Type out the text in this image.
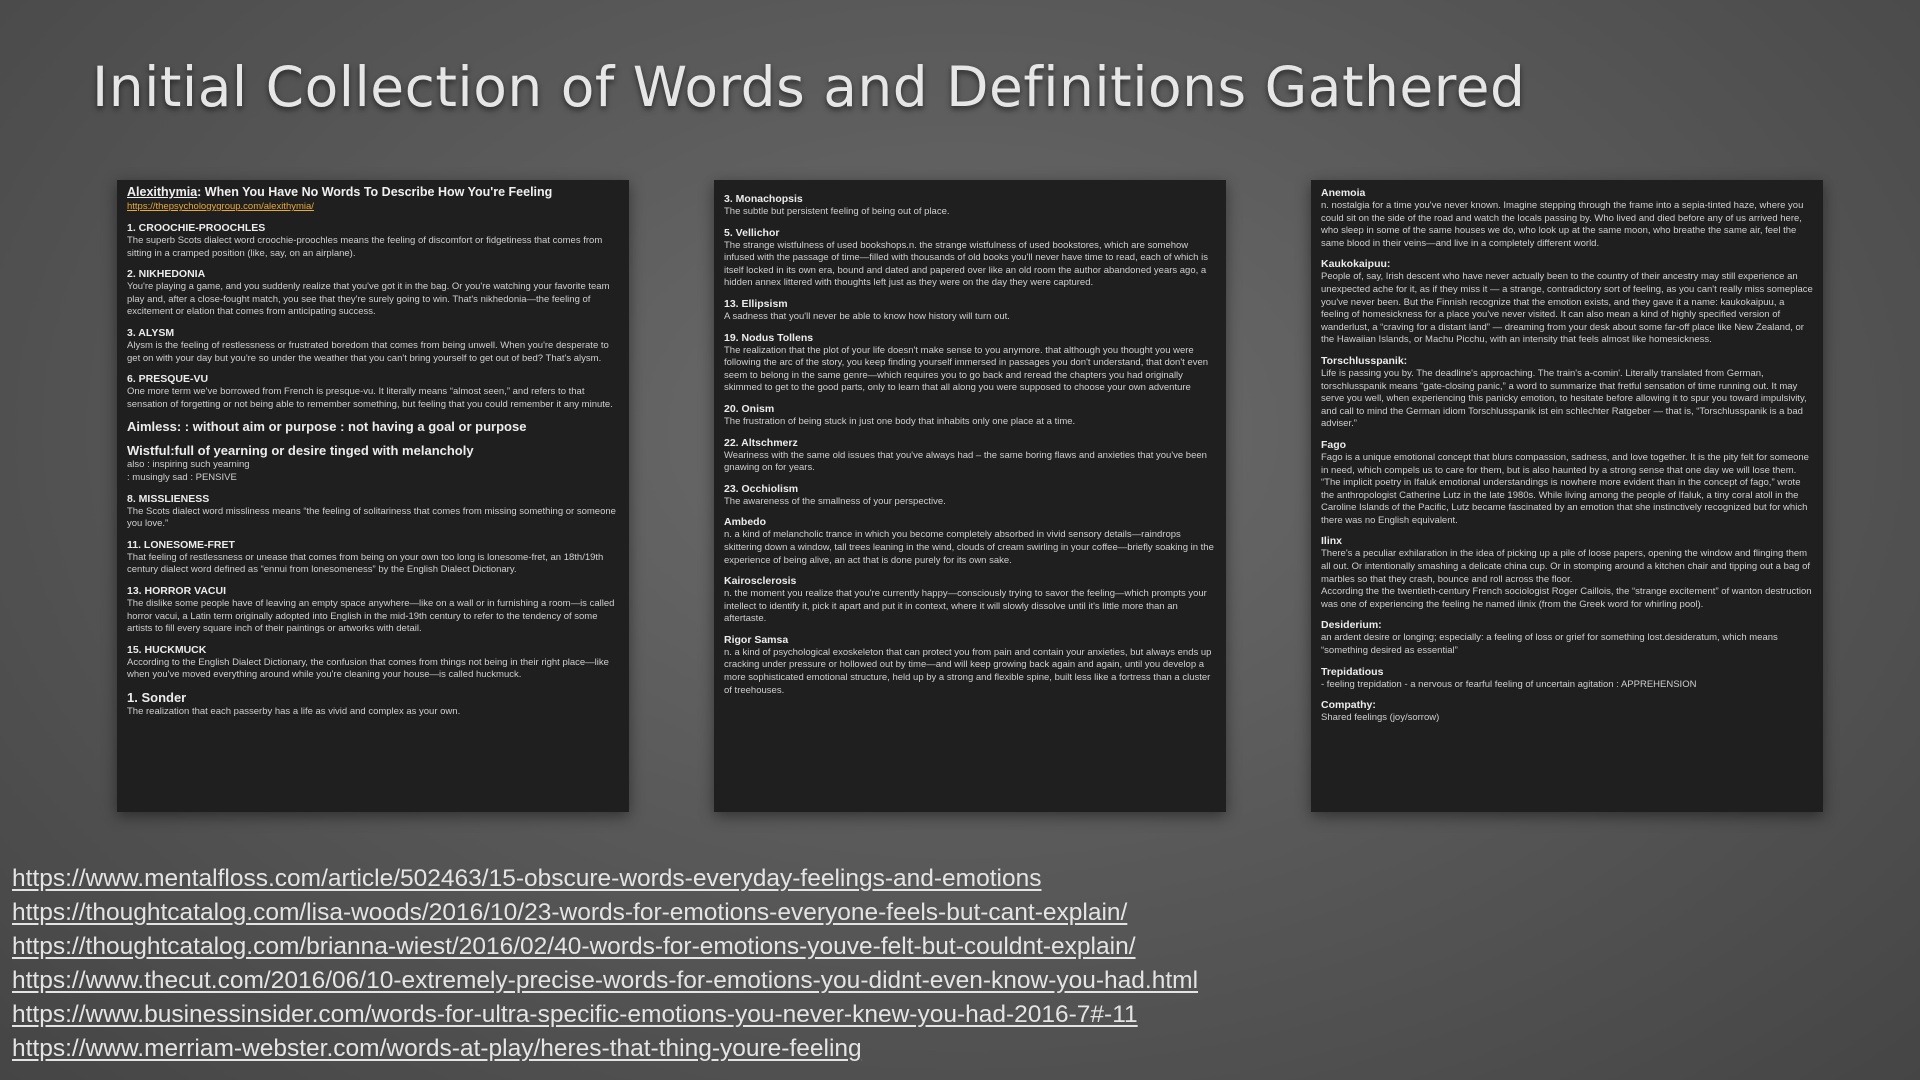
Initial Collection of Words and Definitions Gathered
Alexithymia: When You Have No Words To Describe How You're Feeling
https://thepsychologygroup.com/alexithymia/
1. CROOCHIE-PROOCHLES

The superb Scots dialect word croochie-proochles means the feeling of discomfort or fidgetiness that comes from sitting in a cramped position (like, say, on an airplane).

2. NIKHEDONIA

You're playing a game, and you suddenly realize that you've got it in the bag. Or you're watching your favorite team play and, after a close-fought match, you see that they're surely going to win. That's nikhedonia—the feeling of excitement or elation that comes from anticipating success.

3. ALYSM

Alysm is the feeling of restlessness or frustrated boredom that comes from being unwell. When you're desperate to get on with your day but you're so under the weather that you can't bring yourself to get out of bed? That's alysm.

6. PRESQUE-VU

One more term we've borrowed from French is presque-vu. It literally means “almost seen,” and refers to that sensation of forgetting or not being able to remember something, but feeling that you could remember it any minute.

Aimless: : without aim or purpose : not having a goal or purpose
Wistful:full of yearning or desire tinged with melancholy

also : inspiring such yearning
: musingly sad : PENSIVE

8. MISSLIENESS

The Scots dialect word missliness means “the feeling of solitariness that comes from missing something or someone you love.”

11. LONESOME-FRET

That feeling of restlessness or unease that comes from being on your own too long is lonesome-fret, an 18th/19th century dialect word defined as “ennui from lonesomeness” by the English Dialect Dictionary.

13. HORROR VACUI

The dislike some people have of leaving an empty space anywhere—like on a wall or in furnishing a room—is called horror vacui, a Latin term originally adopted into English in the mid-19th century to refer to the tendency of some artists to fill every square inch of their paintings or artworks with detail.

15. HUCKMUCK

According to the English Dialect Dictionary, the confusion that comes from things not being in their right place—like when you've moved everything around while you're cleaning your house—is called huckmuck.

1. Sonder

The realization that each passerby has a life as vivid and complex as your own.

3. Monachopsis

The subtle but persistent feeling of being out of place.

5. Vellichor

The strange wistfulness of used bookshops.n. the strange wistfulness of used bookstores, which are somehow infused with the passage of time—filled with thousands of old books you'll never have time to read, each of which is itself locked in its own era, bound and dated and papered over like an old room the author abandoned years ago, a hidden annex littered with thoughts left just as they were on the day they were captured.

13. Ellipsism

A sadness that you'll never be able to know how history will turn out.

19. Nodus Tollens

The realization that the plot of your life doesn't make sense to you anymore. that although you thought you were following the arc of the story, you keep finding yourself immersed in passages you don't understand, that don't even seem to belong in the same genre—which requires you to go back and reread the chapters you had originally skimmed to get to the good parts, only to learn that all along you were supposed to choose your own adventure

20. Onism

The frustration of being stuck in just one body that inhabits only one place at a time.

22. Altschmerz

Weariness with the same old issues that you've always had – the same boring flaws and anxieties that you've been gnawing on for years.

23. Occhiolism

The awareness of the smallness of your perspective.

Ambedo

n. a kind of melancholic trance in which you become completely absorbed in vivid sensory details—raindrops skittering down a window, tall trees leaning in the wind, clouds of cream swirling in your coffee—briefly soaking in the experience of being alive, an act that is done purely for its own sake.

Kairosclerosis

n. the moment you realize that you're currently happy—consciously trying to savor the feeling—which prompts your intellect to identify it, pick it apart and put it in context, where it will slowly dissolve until it's little more than an aftertaste.

Rigor Samsa

n. a kind of psychological exoskeleton that can protect you from pain and contain your anxieties, but always ends up cracking under pressure or hollowed out by time—and will keep growing back again and again, until you develop a more sophisticated emotional structure, held up by a strong and flexible spine, built less like a fortress than a cluster of treehouses.

Anemoia

n. nostalgia for a time you've never known. Imagine stepping through the frame into a sepia-tinted haze, where you could sit on the side of the road and watch the locals passing by. Who lived and died before any of us arrived here, who sleep in some of the same houses we do, who look up at the same moon, who breathe the same air, feel the same blood in their veins—and live in a completely different world.

Kaukokaipuu:

People of, say, Irish descent who have never actually been to the country of their ancestry may still experience an unexpected ache for it, as if they miss it — a strange, contradictory sort of feeling, as you can't really miss someplace you've never been. But the Finnish recognize that the emotion exists, and they gave it a name: kaukokaipuu, a feeling of homesickness for a place you've never visited. It can also mean a kind of highly specified version of wanderlust, a “craving for a distant land” — dreaming from your desk about some far-off place like New Zealand, or the Hawaiian Islands, or Machu Picchu, with an intensity that feels almost like homesickness.

Torschlusspanik:

Life is passing you by. The deadline's approaching. The train's a-comin'. Literally translated from German, torschlusspanik means “gate-closing panic,” a word to summarize that fretful sensation of time running out. It may serve you well, when experiencing this panicky emotion, to hesitate before allowing it to spur you toward impulsivity, and call to mind the German idiom Torschlusspanik ist ein schlechter Ratgeber — that is, “Torschlusspanik is a bad adviser.”

Fago

Fago is a unique emotional concept that blurs compassion, sadness, and love together. It is the pity felt for someone in need, which compels us to care for them, but is also haunted by a strong sense that one day we will lose them.
“The implicit poetry in Ifaluk emotional understandings is nowhere more evident than in the concept of fago,” wrote the anthropologist Catherine Lutz in the late 1980s. While living among the people of Ifaluk, a tiny coral atoll in the Caroline Islands of the Pacific, Lutz became fascinated by an emotion that she instinctively recognized but for which there was no English equivalent.

Ilinx

There's a peculiar exhilaration in the idea of picking up a pile of loose papers, opening the window and flinging them all out. Or intentionally smashing a delicate china cup. Or in stomping around a kitchen chair and tipping out a bag of marbles so that they crash, bounce and roll across the floor.
According the the twentieth-century French sociologist Roger Caillois, the “strange excitement” of wanton destruction was one of experiencing the feeling he named ilinix (from the Greek word for whirling pool).

Desiderium:

an ardent desire or longing; especially: a feeling of loss or grief for something lost.desideratum, which means “something desired as essential”

Trepidatious

- feeling trepidation - a nervous or fearful feeling of uncertain agitation : APPREHENSION

Compathy:

Shared feelings (joy/sorrow)

https://www.mentalfloss.com/article/502463/15-obscure-words-everyday-feelings-and-emotions
https://thoughtcatalog.com/lisa-woods/2016/10/23-words-for-emotions-everyone-feels-but-cant-explain/
https://thoughtcatalog.com/brianna-wiest/2016/02/40-words-for-emotions-youve-felt-but-couldnt-explain/
https://www.thecut.com/2016/06/10-extremely-precise-words-for-emotions-you-didnt-even-know-you-had.html
https://www.businessinsider.com/words-for-ultra-specific-emotions-you-never-knew-you-had-2016-7#-11
https://www.merriam-webster.com/words-at-play/heres-that-thing-youre-feeling
